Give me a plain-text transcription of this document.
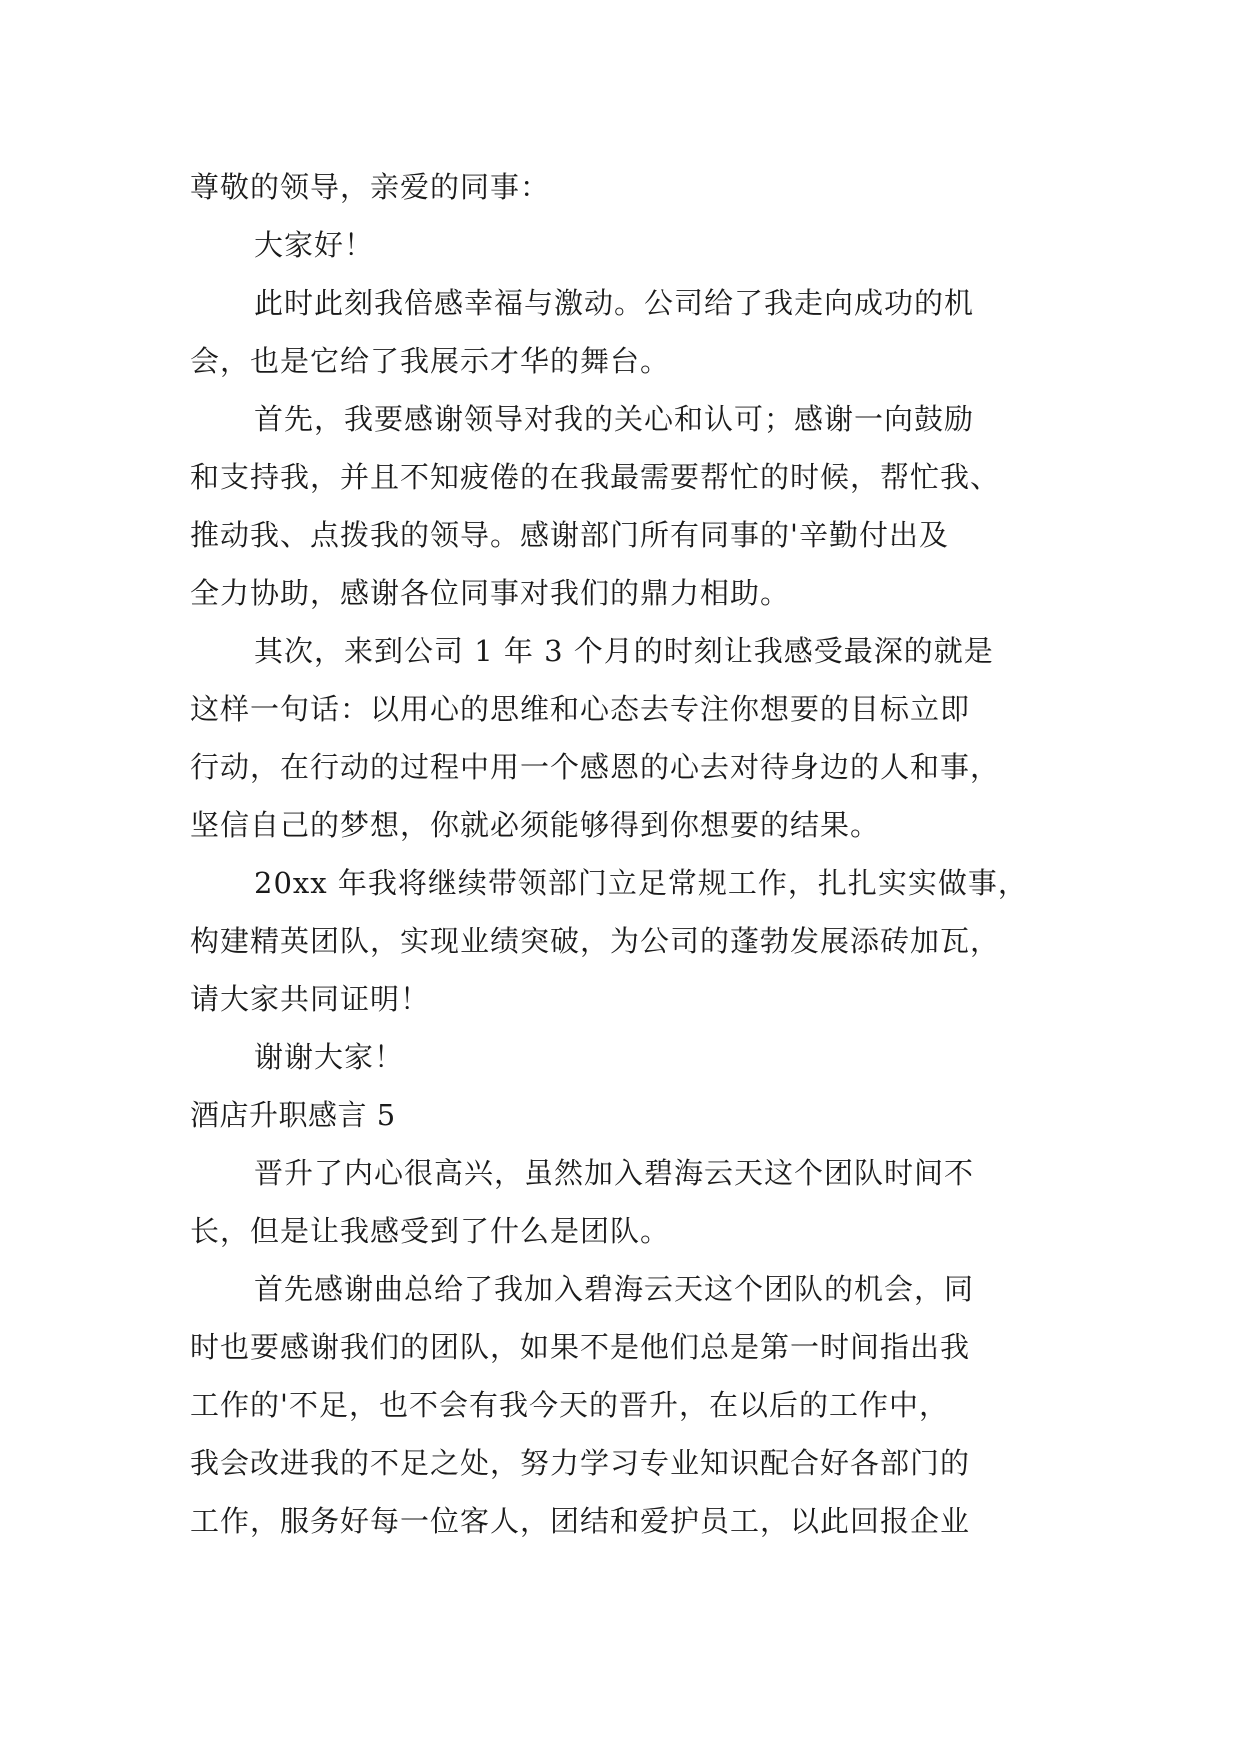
尊敬的领导，亲爱的同事：
大家好！
此时此刻我倍感幸福与激动。公司给了我走向成功的机
会，也是它给了我展示才华的舞台。
首先，我要感谢领导对我的关心和认可；感谢一向鼓励
和支持我，并且不知疲倦的在我最需要帮忙的时候，帮忙我、
推动我、点拨我的领导。感谢部门所有同事的'辛勤付出及
全力协助，感谢各位同事对我们的鼎力相助。
其次，来到公司 1 年 3 个月的时刻让我感受最深的就是
这样一句话：以用心的思维和心态去专注你想要的目标立即
行动，在行动的过程中用一个感恩的心去对待身边的人和事，
坚信自己的梦想，你就必须能够得到你想要的结果。
20xx 年我将继续带领部门立足常规工作，扎扎实实做事，
构建精英团队，实现业绩突破，为公司的蓬勃发展添砖加瓦，
请大家共同证明！
谢谢大家！
酒店升职感言 5
晋升了内心很高兴，虽然加入碧海云天这个团队时间不
长，但是让我感受到了什么是团队。
首先感谢曲总给了我加入碧海云天这个团队的机会，同
时也要感谢我们的团队，如果不是他们总是第一时间指出我
工作的'不足，也不会有我今天的晋升，在以后的工作中，
我会改进我的不足之处，努力学习专业知识配合好各部门的
工作，服务好每一位客人，团结和爱护员工，以此回报企业
